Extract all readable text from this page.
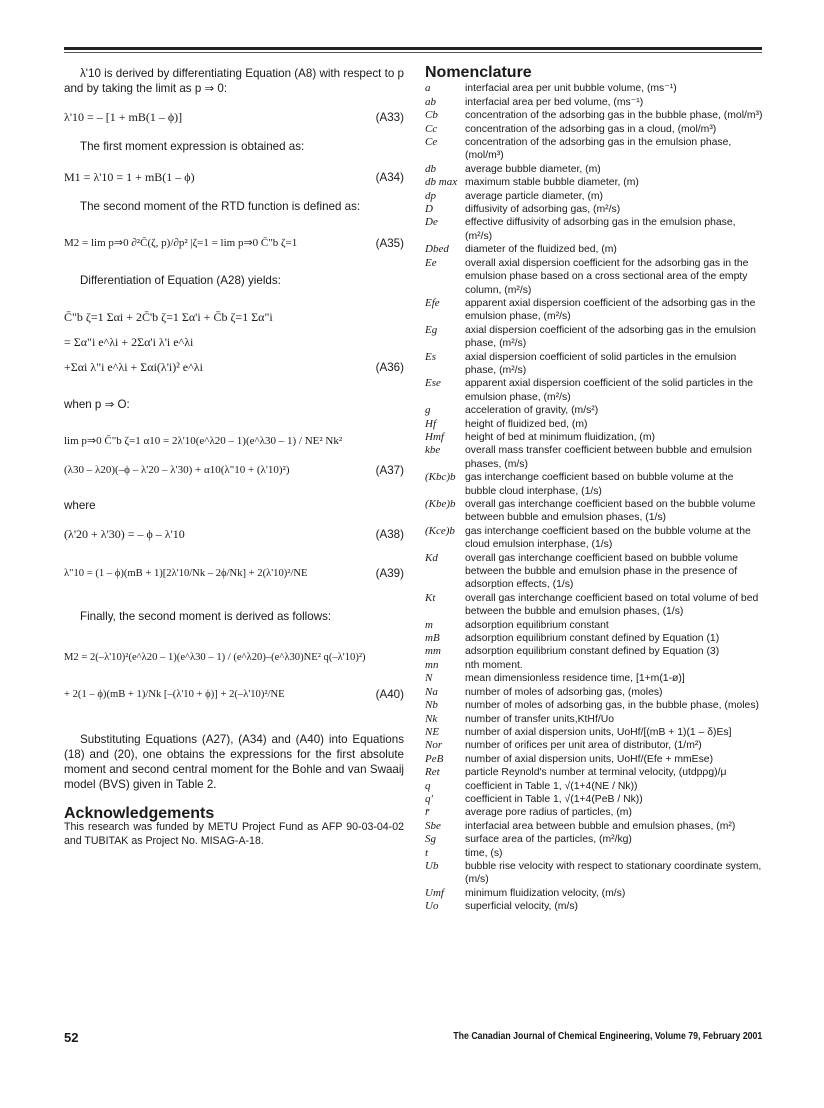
λ'10 is derived by differentiating Equation (A8) with respect to p and by taking the limit as p ⇒ 0:

λ'10 = – [1 + mB(1 – ϕ)]	(A33)

The first moment expression is obtained as:

M1 = λ'10 = 1 + mB(1 – ϕ)	(A34)

The second moment of the RTD function is defined as:

M2 = lim p⇒0 ∂²C̄(ζ, p)/∂p² |ζ=1 = lim p⇒0 C̄"b ζ=1	(A35)

Differentiation of Equation (A28) yields:

C̄"b ζ=1 Σαi + 2C̄'b ζ=1 Σα'i + C̄b ζ=1 Σα"i
= Σα"i e^λi + 2Σα'i λ'i e^λi
+Σαi λ"i e^λi + Σαi(λ'i)² e^λi	(A36)

when p ⇒ O:

lim p⇒0 C̄"b ζ=1 α10 = 2λ'10(e^λ20 – 1)(e^λ30 – 1) / NE² Nk²
(λ30 – λ20)(–ϕ – λ'20 – λ'30) + α10(λ"10 + (λ'10)²)	(A37)

where

(λ'20 + λ'30) = – ϕ – λ'10	(A38)
λ"10 = (1 – ϕ)(mB + 1)[2λ'10/Nk – 2ϕ/Nk] + 2(λ'10)²/NE	(A39)

Finally, the second moment is derived as follows:

M2 = 2(–λ'10)²(e^λ20 – 1)(e^λ30 – 1) / (e^λ20)–(e^λ30)NE² q(–λ'10)²)
+ 2(1 – ϕ)(mB + 1)/Nk [–(λ'10 + ϕ)] + 2(–λ'10)²/NE	(A40)

Substituting Equations (A27), (A34) and (A40) into Equations (18) and (20), one obtains the expressions for the first absolute moment and second central moment for the Bohle and van Swaaij model (BVS) given in Table 2.

Acknowledgements

This research was funded by METU Project Fund as AFP 90-03-04-02 and TUBITAK as Project No. MISAG-A-18.

Nomenclature

a	interfacial area per unit bubble volume, (ms⁻¹)
ab	interfacial area per bed volume, (ms⁻¹)
Cb	concentration of the adsorbing gas in the bubble phase, (mol/m³)
Cc	concentration of the adsorbing gas in a cloud, (mol/m³)
Ce	concentration of the adsorbing gas in the emulsion phase, (mol/m³)
db	average bubble diameter, (m)
db max maximum stable bubble diameter, (m)
dp	average particle diameter, (m)
D	diffusivity of adsorbing gas, (m²/s)
De	effective diffusivity of adsorbing gas in the emulsion phase, (m²/s)
Dbed	diameter of the fluidized bed, (m)
Ee	overall axial dispersion coefficient for the adsorbing gas in the emulsion phase based on a cross sectional area of the empty column, (m²/s)
Efe	apparent axial dispersion coefficient of the adsorbing gas in the emulsion phase, (m²/s)
Eg	axial dispersion coefficient of the adsorbing gas in the emulsion phase, (m²/s)
Es	axial dispersion coefficient of solid particles in the emulsion phase, (m²/s)
Ese	apparent axial dispersion coefficient of the solid particles in the emulsion phase, (m²/s)
g	acceleration of gravity, (m/s²)
Hf	height of fluidized bed, (m)
Hmf	height of bed at minimum fluidization, (m)
kbe	overall mass transfer coefficient between bubble and emulsion phases, (m/s)
(Kbc)b gas interchange coefficient based on bubble volume at the bubble cloud interphase, (1/s)
(Kbe)b overall gas interchange coefficient based on the bubble volume between bubble and emulsion phases, (1/s)
(Kce)b gas interchange coefficient based on the bubble volume at the cloud emulsion interphase, (1/s)
Kd	overall gas interchange coefficient based on bubble volume between the bubble and emulsion phase in the presence of adsorption effects, (1/s)
Kt	overall gas interchange coefficient based on total volume of bed between the bubble and emulsion phases, (1/s)
m	adsorption equilibrium constant
mB	adsorption equilibrium constant defined by Equation (1)
mm	adsorption equilibrium constant defined by Equation (3)
mn	nth moment.
N	mean dimensionless residence time, [1+m(1-ø)]
Na	number of moles of adsorbing gas, (moles)
Nb	number of moles of adsorbing gas, in the bubble phase, (moles)
Nk	number of transfer units,KtHf/Uo
NE	number of axial dispersion units, UoHf/[(mB + 1)(1 – δ)Es]
Nor	number of orifices per unit area of distributor, (1/m²)
PeB	number of axial dispersion units, UoHf/(Efe + mmEse)
Ret	particle Reynold's number at terminal velocity, (utdpρg)/μ
q	coefficient in Table 1, √(1+4(NE / Nk))
q'	coefficient in Table 1, √(1+4(PeB / Nk))
r̄	average pore radius of particles, (m)
Sbe	interfacial area between bubble and emulsion phases, (m²)
Sg	surface area of the particles, (m²/kg)
t	time, (s)
Ub	bubble rise velocity with respect to stationary coordinate system, (m/s)
Umf	minimum fluidization velocity, (m/s)
Uo	superficial velocity, (m/s)
52	The Canadian Journal of Chemical Engineering, Volume 79, February 2001
